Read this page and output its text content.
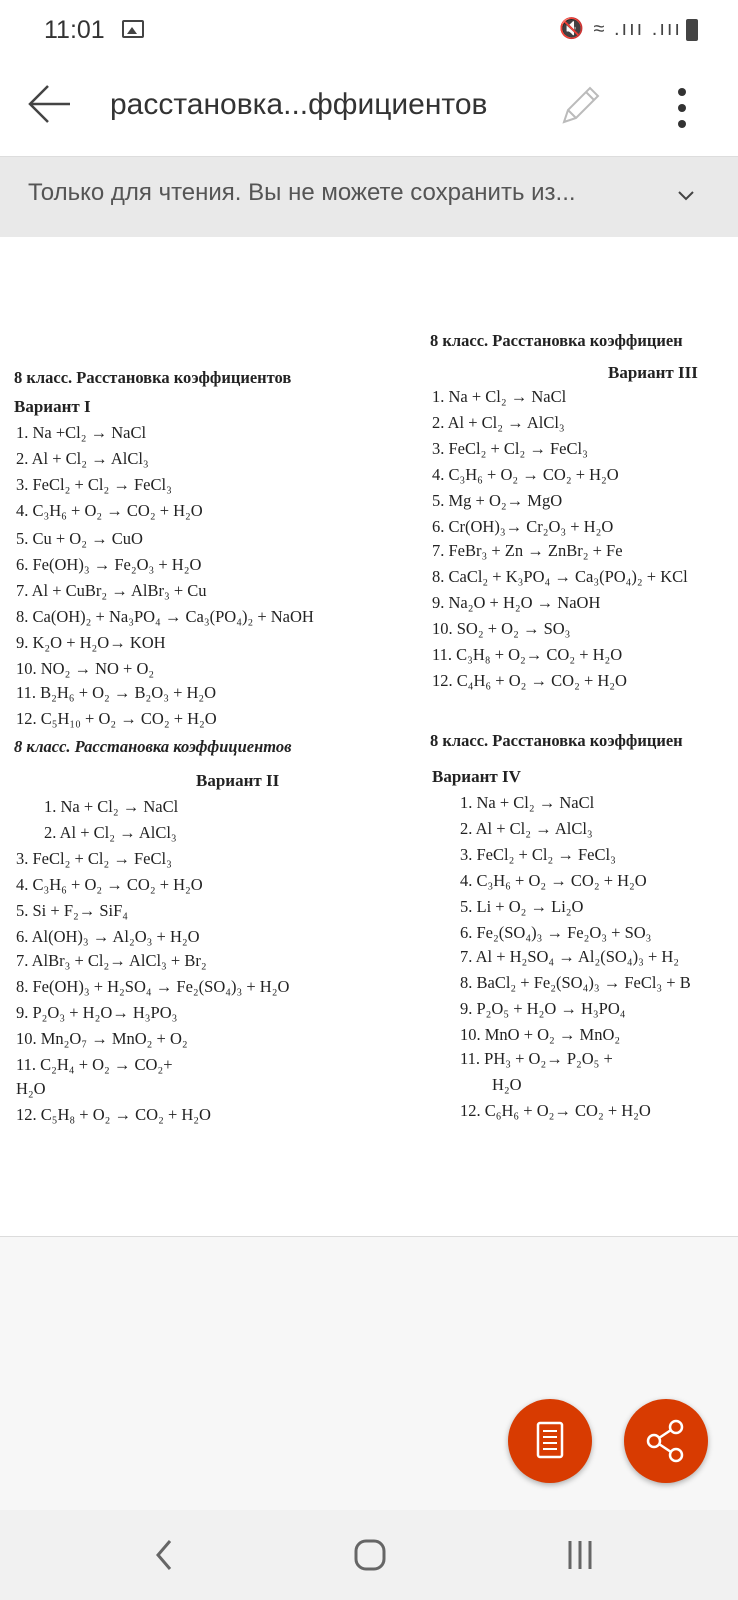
11:01	🔇 ≈ .ııı .ııı
расстановка...ффициентов
Только для чтения. Вы не можете сохранить из...
8 класс. Расстановка коэффициентов
Вариант I
1. Na +Cl₂ → NaCl
2. Al + Cl₂ → AlCl₃
3. FeCl₂ + Cl₂ → FeCl₃
4. C₃H₆ + O₂ → CO₂ + H₂O
5. Cu + O₂ → CuO
6. Fe(OH)₃ → Fe₂O₃ + H₂O
7. Al + CuBr₂ → AlBr₃ + Cu
8. Ca(OH)₂ + Na₃PO₄ → Ca₃(PO₄)₂ + NaOH
9. K₂O + H₂O→ KOH
10. NO₂ → NO + O₂
11. B₂H₆ + O₂ → B₂O₃ + H₂O
12. C₅H₁₀ + O₂ → CO₂ + H₂O
8 класс. Расстановка коэффициентов
Вариант II
1. Na + Cl₂ → NaCl
2. Al + Cl₂ → AlCl₃
3. FeCl₂ + Cl₂ → FeCl₃
4. C₃H₆ + O₂ → CO₂ + H₂O
5. Si + F₂→ SiF₄
6. Al(OH)₃ → Al₂O₃ + H₂O
7. AlBr₃ + Cl₂→ AlCl₃ + Br₂
8. Fe(OH)₃ + H₂SO₄ → Fe₂(SO₄)₃ + H₂O
9. P₂O₃ + H₂O→ H₃PO₃
10. Mn₂O₇ → MnO₂ + O₂
11. C₂H₄ + O₂ → CO₂+
H₂O
12. C₅H₈ + O₂ → CO₂ + H₂O
8 класс. Расстановка коэффициен
Вариант III
1. Na + Cl₂ → NaCl
2. Al + Cl₂ → AlCl₃
3. FeCl₂ + Cl₂ → FeCl₃
4. C₃H₆ + O₂ → CO₂ + H₂O
5. Mg + O₂→ MgO
6. Cr(OH)₃→ Cr₂O₃ + H₂O
7. FeBr₃ + Zn → ZnBr₂ + Fe
8. CaCl₂ + K₃PO₄ → Ca₃(PO₄)₂ + KCl
9. Na₂O + H₂O → NaOH
10. SO₂ + O₂ → SO₃
11. C₃H₈ + O₂→ CO₂ + H₂O
12. C₄H₆ + O₂ → CO₂ + H₂O
8 класс. Расстановка коэффициен
Вариант IV
1. Na + Cl₂ → NaCl
2. Al + Cl₂ → AlCl₃
3. FeCl₂ + Cl₂ → FeCl₃
4. C₃H₆ + O₂ → CO₂ + H₂O
5. Li + O₂ → Li₂O
6. Fe₂(SO₄)₃ → Fe₂O₃ + SO₃
7. Al + H₂SO₄ → Al₂(SO₄)₃ + H₂
8. BaCl₂ + Fe₂(SO₄)₃ → FeCl₃ + B
9. P₂O₅ + H₂O → H₃PO₄
10. MnO + O₂ → MnO₂
11. PH₃ + O₂→ P₂O₅ +
H₂O
12. C₆H₆ + O₂→ CO₂ + H₂O
